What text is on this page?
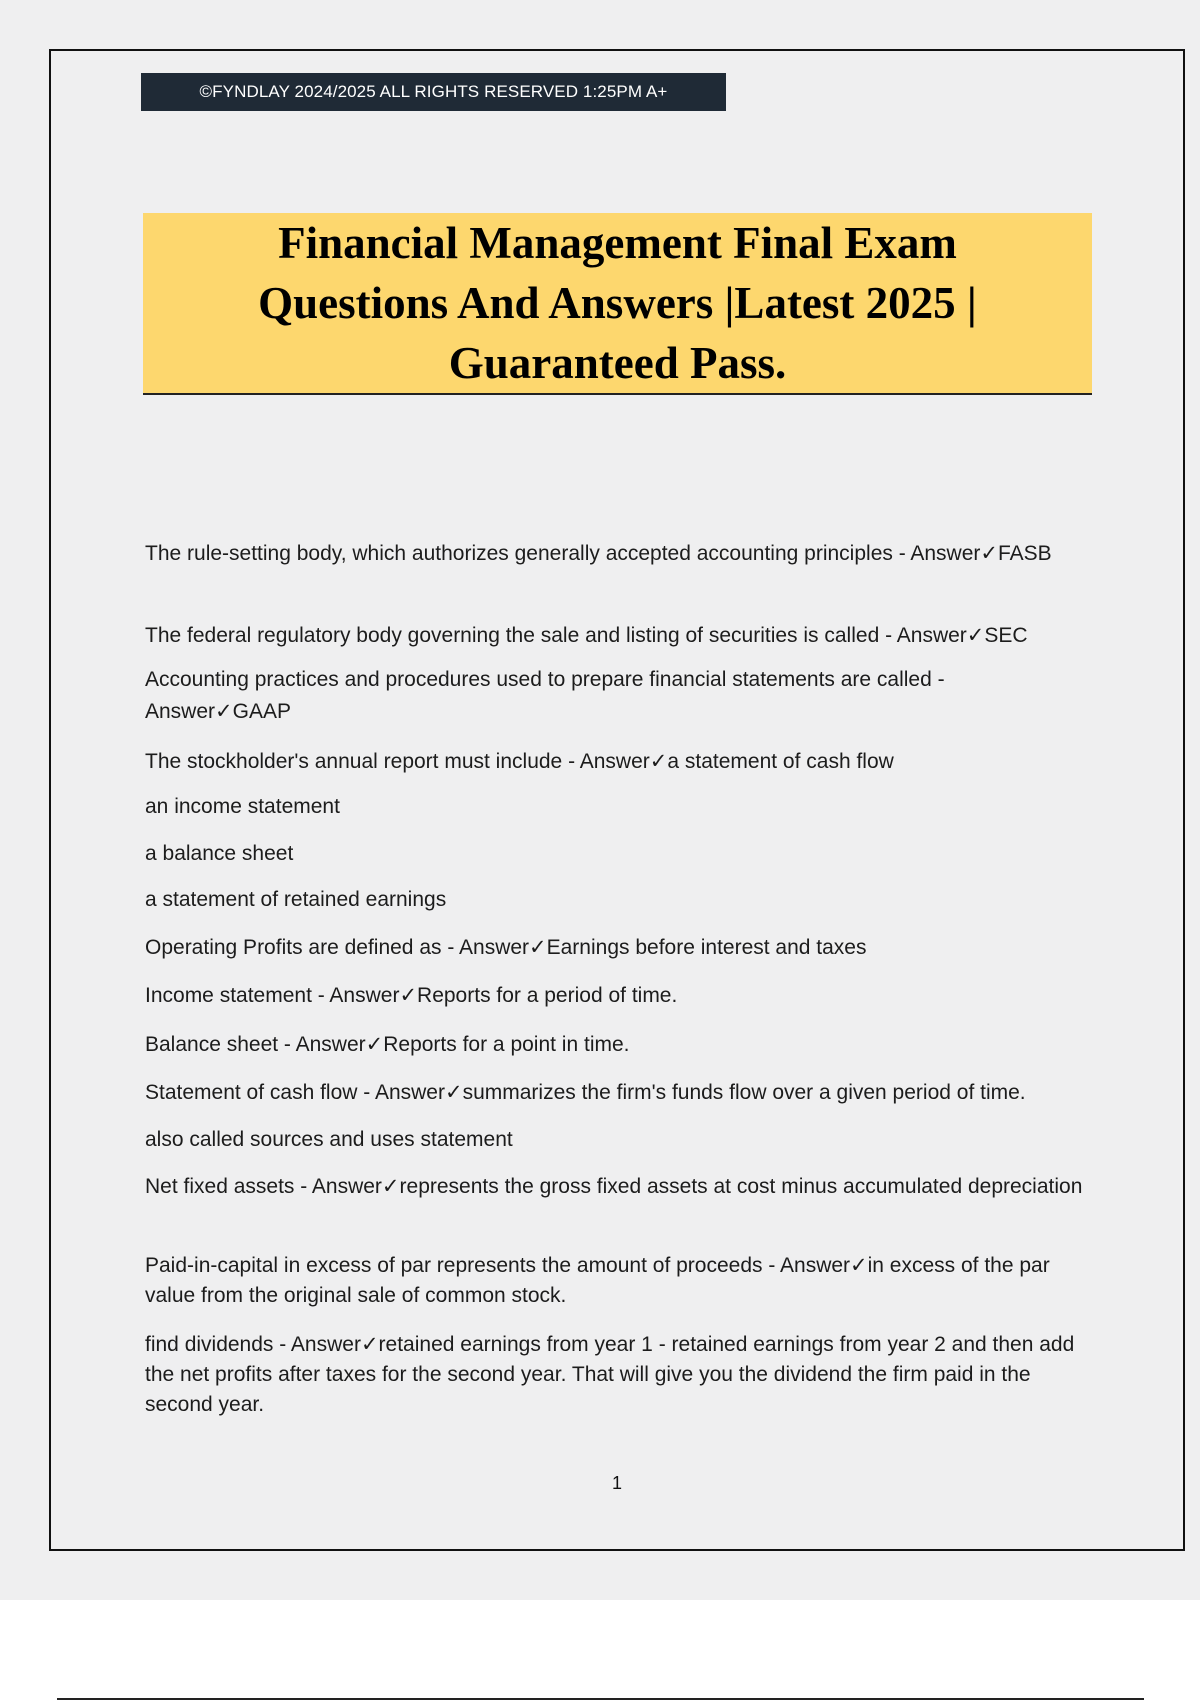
©FYNDLAY 2024/2025 ALL RIGHTS RESERVED 1:25PM A+
Financial Management Final Exam
Questions And Answers |Latest 2025 |
Guaranteed Pass.
The rule-setting body, which authorizes generally accepted accounting principles - Answer✓FASB
The federal regulatory body governing the sale and listing of securities is called - Answer✓SEC
Accounting practices and procedures used to prepare financial statements are called - Answer✓GAAP
The stockholder's annual report must include - Answer✓a statement of cash flow
an income statement
a balance sheet
a statement of retained earnings
Operating Profits are defined as - Answer✓Earnings before interest and taxes
Income statement - Answer✓Reports for a period of time.
Balance sheet - Answer✓Reports for a point in time.
Statement of cash flow - Answer✓summarizes the firm's funds flow over a given period of time.
also called sources and uses statement
Net fixed assets - Answer✓represents the gross fixed assets at cost minus accumulated depreciation
Paid-in-capital in excess of par represents the amount of proceeds - Answer✓in excess of the par value from the original sale of common stock.
find dividends - Answer✓retained earnings from year 1 - retained earnings from year 2 and then add the net profits after taxes for the second year. That will give you the dividend the firm paid in the second year.
1
